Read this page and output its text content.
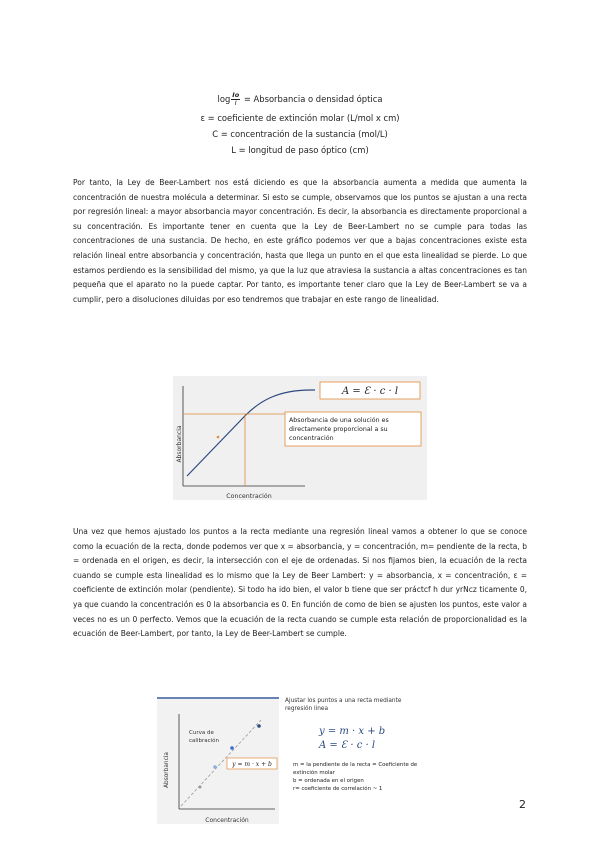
$\log \frac{Io}{I}$ = Absorbancia o densidad óptica
ε = coeficiente de extinción molar (L/mol x cm)
C = concentración de la sustancia (mol/L)
L = longitud de paso óptico (cm)
Por tanto, la Ley de Beer-Lambert nos está diciendo es que la absorbancia aumenta a medida que aumenta la concentración de nuestra molécula a determinar. Si esto se cumple, observamos que los puntos se ajustan a una recta por regresión lineal: a mayor absorbancia mayor concentración. Es decir, la absorbancia es directamente proporcional a su concentración. Es importante tener en cuenta que la Ley de Beer-Lambert no se cumple para todas las concentraciones de una sustancia. De hecho, en este gráfico podemos ver que a bajas concentraciones existe esta relación lineal entre absorbancia y concentración, hasta que llega un punto en el que esta linealidad se pierde. Lo que estamos perdiendo es la sensibilidad del mismo, ya que la luz que atraviesa la sustancia a altas concentraciones es tan pequeña que el aparato no la puede captar. Por tanto, es importante tener claro que la Ley de Beer-Lambert se va a cumplir, pero a disoluciones diluidas por eso tendremos que trabajar en este rango de linealidad.
A = Ɛ · c · l
Absorbancia de una solución es
directamente proporcional a su
concentración
Concentración
Absorbancia
Una vez que hemos ajustado los puntos a la recta mediante una regresión lineal vamos a obtener lo que se conoce como la ecuación de la recta, donde podemos ver que x = absorbancia, y = concentración, m= pendiente de la recta, b = ordenada en el origen, es decir, la intersección con el eje de ordenadas. Si nos fijamos bien, la ecuación de la recta cuando se cumple esta linealidad es lo mismo que la Ley de Beer Lambert: y = absorbancia, x = concentración, ɛ = coeficiente de extinción molar (pendiente). Si todo ha ido bien, el valor b tiene que ser práctcf h dur yrNcz ticamente 0, ya que cuando la concentración es 0 la absorbancia es 0. En función de como de bien se ajusten los puntos, este valor a veces no es un 0 perfecto. Vemos que la ecuación de la recta cuando se cumple esta relación de proporcionalidad es la ecuación de Beer-Lambert, por tanto, la Ley de Beer-Lambert se cumple.
Curva de
calibración
y = m · x + b
Concentración
Absorbancia
Ajustar los puntos a una recta mediante
regresión linea
y = m · x + b
A = Ɛ · c · l
m = la pendiente de la recta = Coeficiente de
extinción molar
b = ordenada en el origen
r= coeficiente de correlación ~ 1
2
